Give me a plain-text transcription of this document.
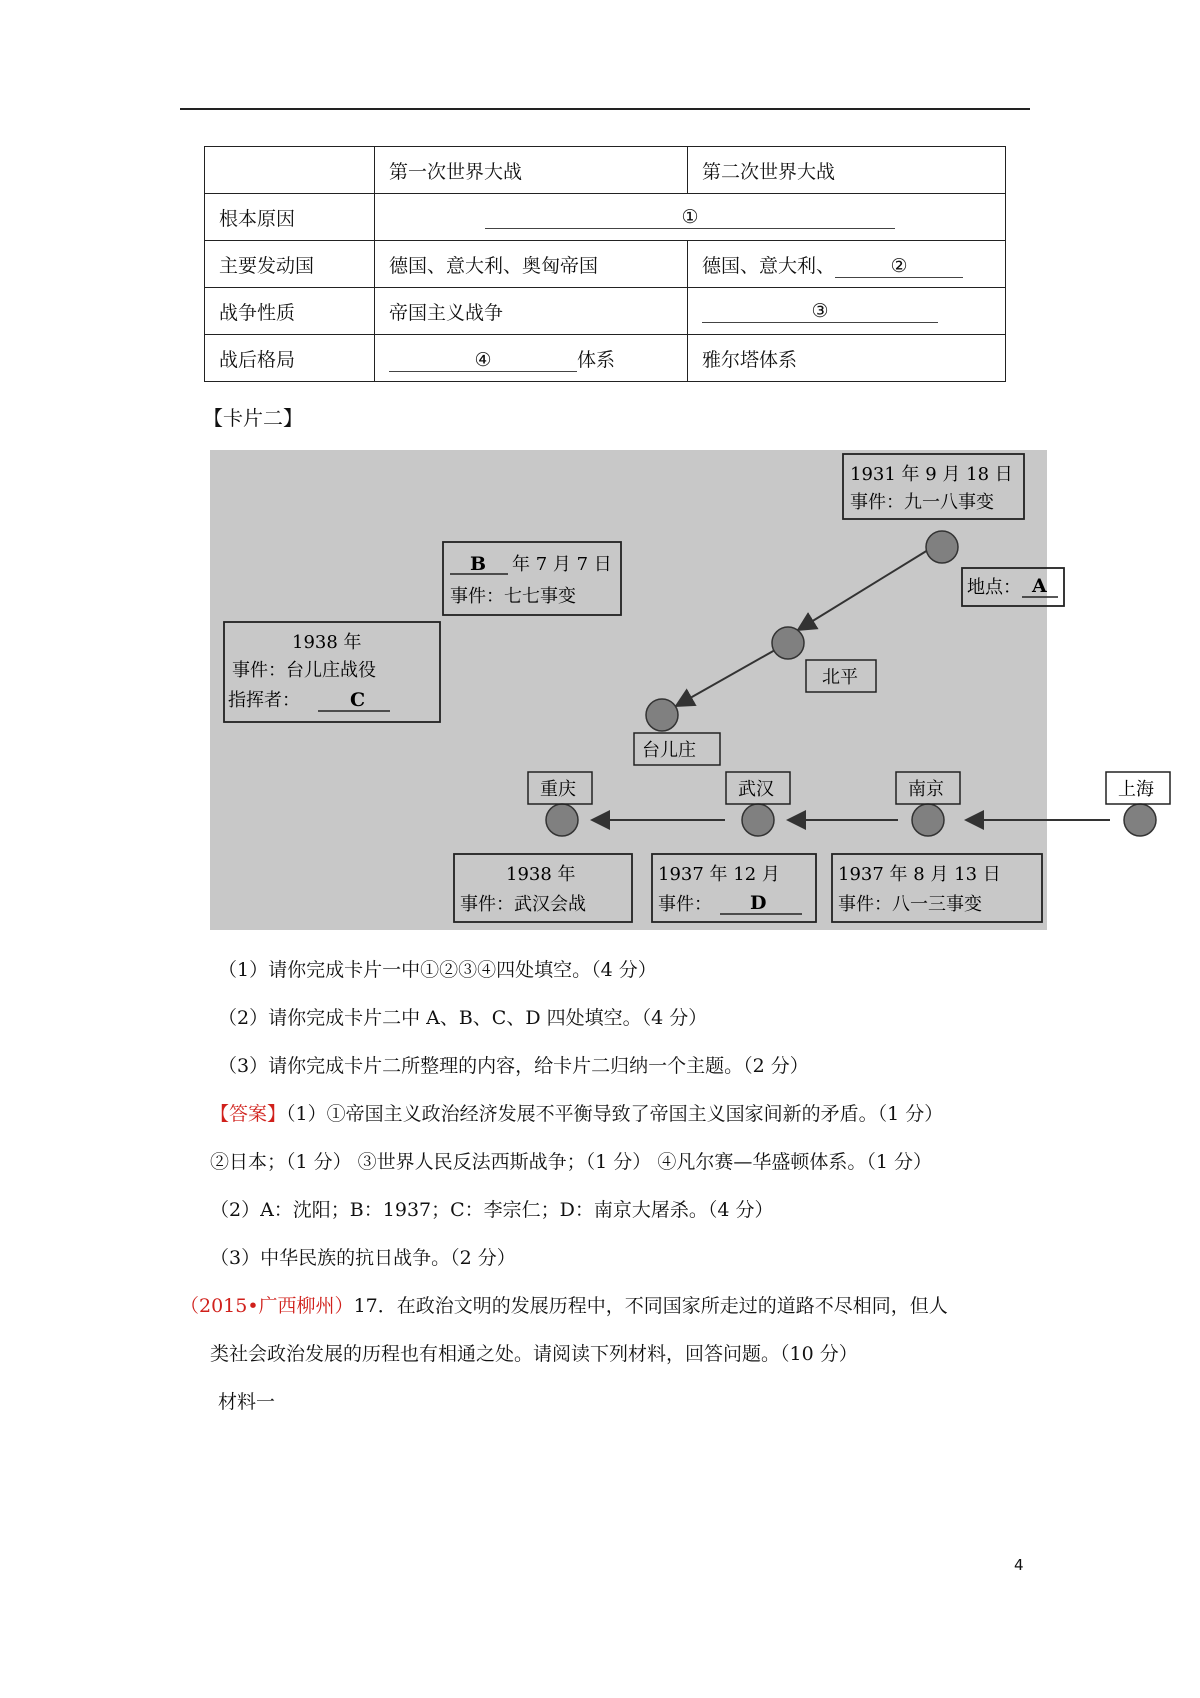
	第一次世界大战	第二次世界大战
根本原因	①	
主要发动国	德国、意大利、奥匈帝国	德国、意大利、 ②
战争性质	帝国主义战争	③
战后格局	④ 体系	雅尔塔体系
【卡片二】
1931 年 9 月 18 日
事件：九一八事变
B 年 7 月 7 日
事件：七七事变	地点： A
1938 年
事件：台儿庄战役
指挥者：	C
北平
台儿庄
重庆	武汉	南京	上海
1938 年
事件：武汉会战
1937 年 12 月
事件： D
1937 年 8 月 13 日
事件：八一三事变
（1）请你完成卡片一中①②③④四处填空。（4 分）
（2）请你完成卡片二中 A、B、C、D 四处填空。（4 分）
（3）请你完成卡片二所整理的内容，给卡片二归纳一个主题。（2 分）
【答案】（1）①帝国主义政治经济发展不平衡导致了帝国主义国家间新的矛盾。（1 分）
②日本；（1 分） ③世界人民反法西斯战争；（1 分） ④凡尔赛—华盛顿体系。（1 分）
（2）A：沈阳；B：1937；C：李宗仁；D：南京大屠杀。（4 分）
（3）中华民族的抗日战争。（2 分）
（2015•广西柳州）17．在政治文明的发展历程中，不同国家所走过的道路不尽相同，但人
类社会政治发展的历程也有相通之处。请阅读下列材料，回答问题。（10 分）
材料一
4
